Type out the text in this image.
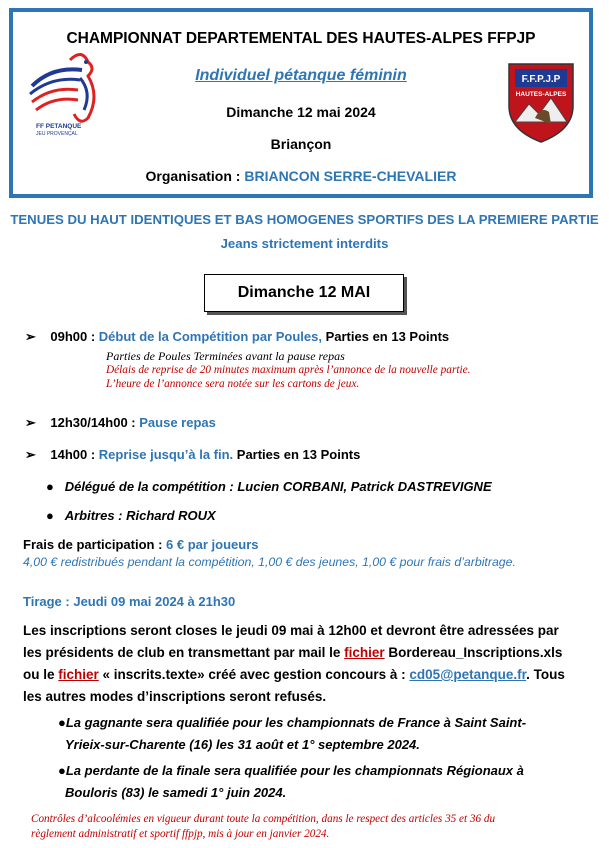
CHAMPIONNAT DEPARTEMENTAL DES HAUTES-ALPES FFPJP
Individuel pétanque féminin
Dimanche 12 mai 2024
Briançon
Organisation : BRIANCON SERRE-CHEVALIER
FF PETANQUE
JEU PROVENÇAL
F.F.P.J.P
HAUTES-ALPES
TENUES DU HAUT IDENTIQUES ET BAS HOMOGENES SPORTIFS DES LA PREMIERE PARTIE
Jeans strictement interdits
Dimanche 12 MAI
➢ 09h00 : Début de la Compétition par Poules, Parties en 13 Points
Parties de Poules Terminées avant la pause repas
Délais de reprise de 20 minutes maximum après l’annonce de la nouvelle partie.
L’heure de l’annonce sera notée sur les cartons de jeux.
➢ 12h30/14h00 : Pause repas
➢ 14h00 : Reprise jusqu’à la fin. Parties en 13 Points
● Délégué de la compétition : Lucien CORBANI, Patrick DASTREVIGNE
● Arbitres : Richard ROUX
Frais de participation : 6 € par joueurs
4,00 € redistribués pendant la compétition, 1,00 € des jeunes, 1,00 € pour frais d’arbitrage.
Tirage : Jeudi 09 mai 2024 à 21h30
Les inscriptions seront closes le jeudi 09 mai à 12h00 et devront être adressées par
les présidents de club en transmettant par mail le fichier Bordereau_Inscriptions.xls
ou le fichier « inscrits.texte» créé avec gestion concours à : cd05@petanque.fr. Tous
les autres modes d’inscriptions seront refusés.
●La gagnante sera qualifiée pour les championnats de France à Saint Saint-
Yrieix-sur-Charente (16) les 31 août et 1° septembre 2024.
●La perdante de la finale sera qualifiée pour les championnats Régionaux à
Bouloris (83) le samedi 1° juin 2024.
Contrôles d’alcoolémies en vigueur durant toute la compétition, dans le respect des articles 35 et 36 du
règlement administratif et sportif ffpjp, mis à jour en janvier 2024.
